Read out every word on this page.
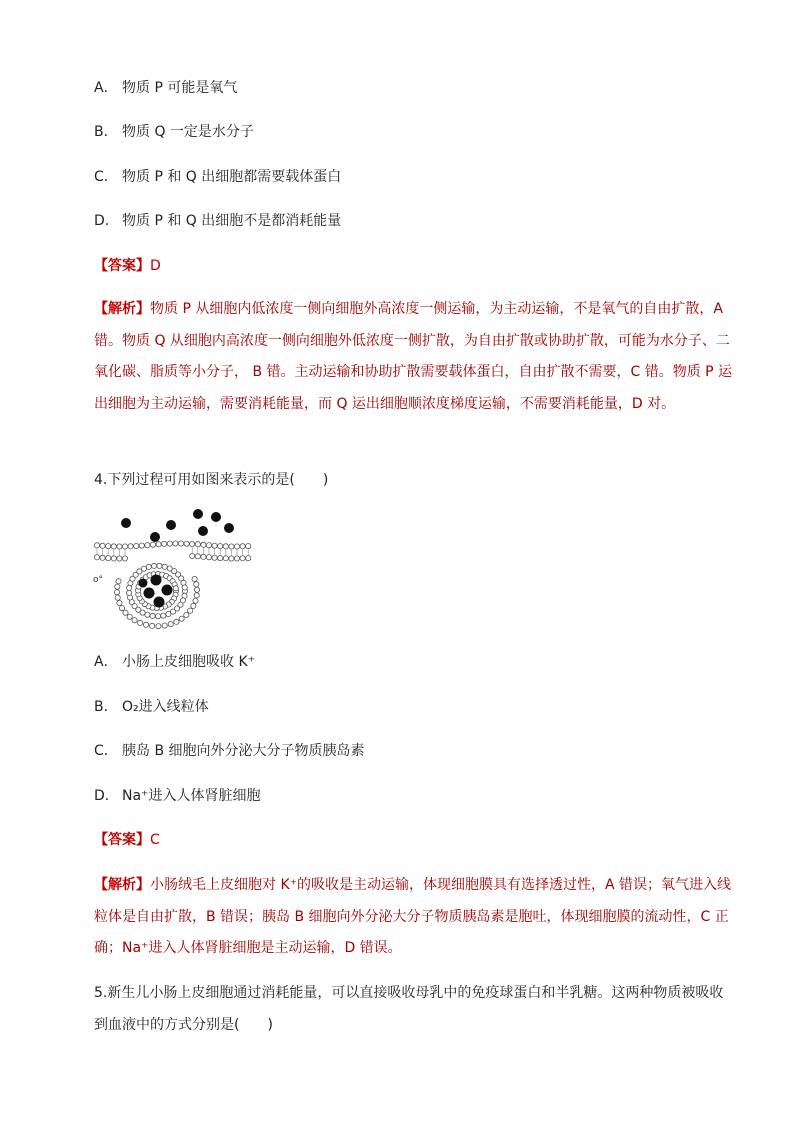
A． 物质 P 可能是氧气
B． 物质 Q 一定是水分子
C． 物质 P 和 Q 出细胞都需要载体蛋白
D． 物质 P 和 Q 出细胞不是都消耗能量
【答案】D
【解析】物质 P 从细胞内低浓度一侧向细胞外高浓度一侧运输，为主动运输，不是氧气的自由扩散，A 错。物质 Q 从细胞内高浓度一侧向细胞外低浓度一侧扩散，为自由扩散或协助扩散，可能为水分子、二氧化碳、脂质等小分子， B 错。主动运输和协助扩散需要载体蛋白，自由扩散不需要，C 错。物质 P 运出细胞为主动运输，需要消耗能量，而 Q 运出细胞顺浓度梯度运输，不需要消耗能量，D 对。
4.下列过程可用如图来表示的是(　　)
o°
A． 小肠上皮细胞吸收 K⁺
B． O₂进入线粒体
C． 胰岛 B 细胞向外分泌大分子物质胰岛素
D． Na⁺进入人体肾脏细胞
【答案】C
【解析】小肠绒毛上皮细胞对 K⁺的吸收是主动运输，体现细胞膜具有选择透过性，A 错误；氧气进入线粒体是自由扩散，B 错误；胰岛 B 细胞向外分泌大分子物质胰岛素是胞吐，体现细胞膜的流动性，C 正确；Na⁺进入人体肾脏细胞是主动运输，D 错误。
5.新生儿小肠上皮细胞通过消耗能量，可以直接吸收母乳中的免疫球蛋白和半乳糖。这两种物质被吸收到血液中的方式分别是(　　)
